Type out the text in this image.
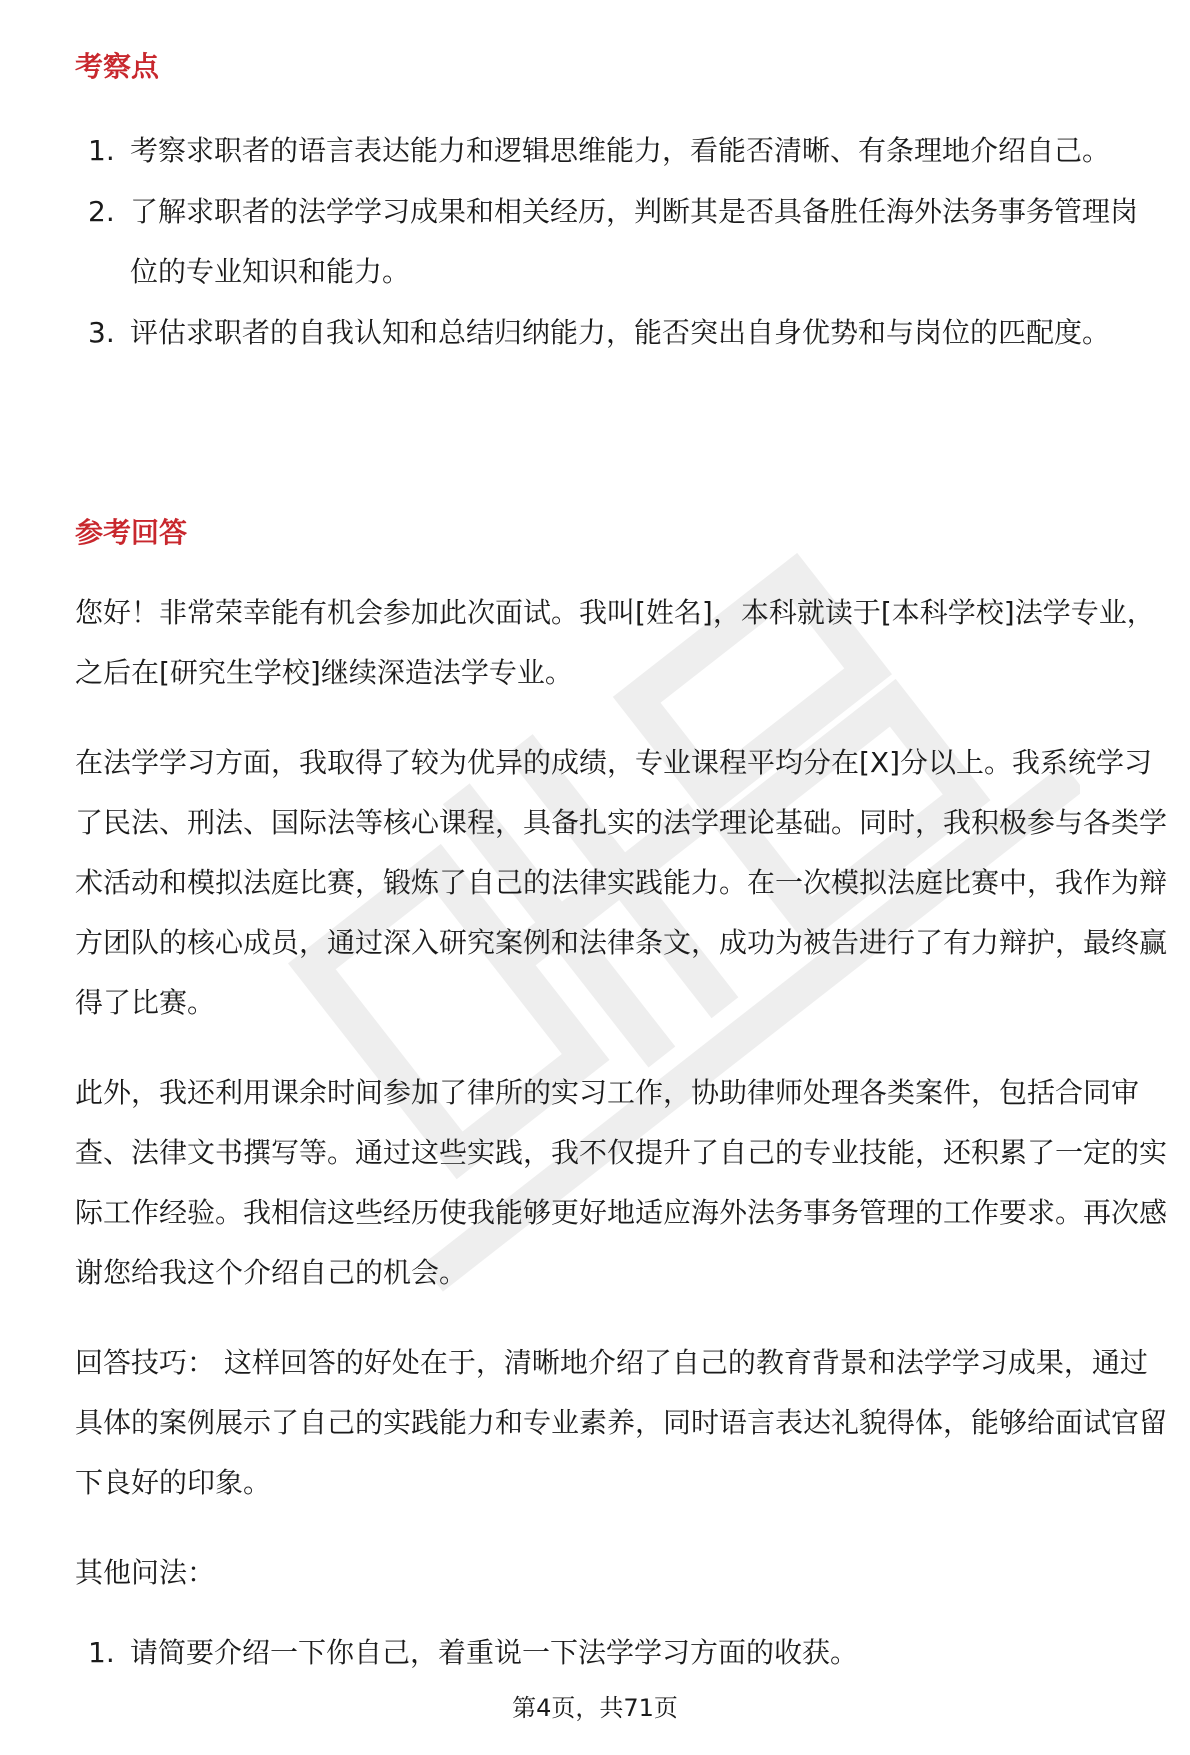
考察点
1. 考察求职者的语言表达能力和逻辑思维能力，看能否清晰、有条理地介绍自己。
2. 了解求职者的法学学习成果和相关经历，判断其是否具备胜任海外法务事务管理岗位的专业知识和能力。
3. 评估求职者的自我认知和总结归纳能力，能否突出自身优势和与岗位的匹配度。
参考回答

您好！非常荣幸能有机会参加此次面试。我叫[姓名]，本科就读于[本科学校]法学专业，之后在[研究生学校]继续深造法学专业。

在法学学习方面，我取得了较为优异的成绩，专业课程平均分在[X]分以上。我系统学习了民法、刑法、国际法等核心课程，具备扎实的法学理论基础。同时，我积极参与各类学术活动和模拟法庭比赛，锻炼了自己的法律实践能力。在一次模拟法庭比赛中，我作为辩方团队的核心成员，通过深入研究案例和法律条文，成功为被告进行了有力辩护，最终赢得了比赛。

此外，我还利用课余时间参加了律所的实习工作，协助律师处理各类案件，包括合同审查、法律文书撰写等。通过这些实践，我不仅提升了自己的专业技能，还积累了一定的实际工作经验。我相信这些经历使我能够更好地适应海外法务事务管理的工作要求。再次感谢您给我这个介绍自己的机会。

回答技巧： 这样回答的好处在于，清晰地介绍了自己的教育背景和法学学习成果，通过具体的案例展示了自己的实践能力和专业素养，同时语言表达礼貌得体，能够给面试官留下良好的印象。

其他问法：

1. 请简要介绍一下你自己，着重说一下法学学习方面的收获。

第4页，共71页
